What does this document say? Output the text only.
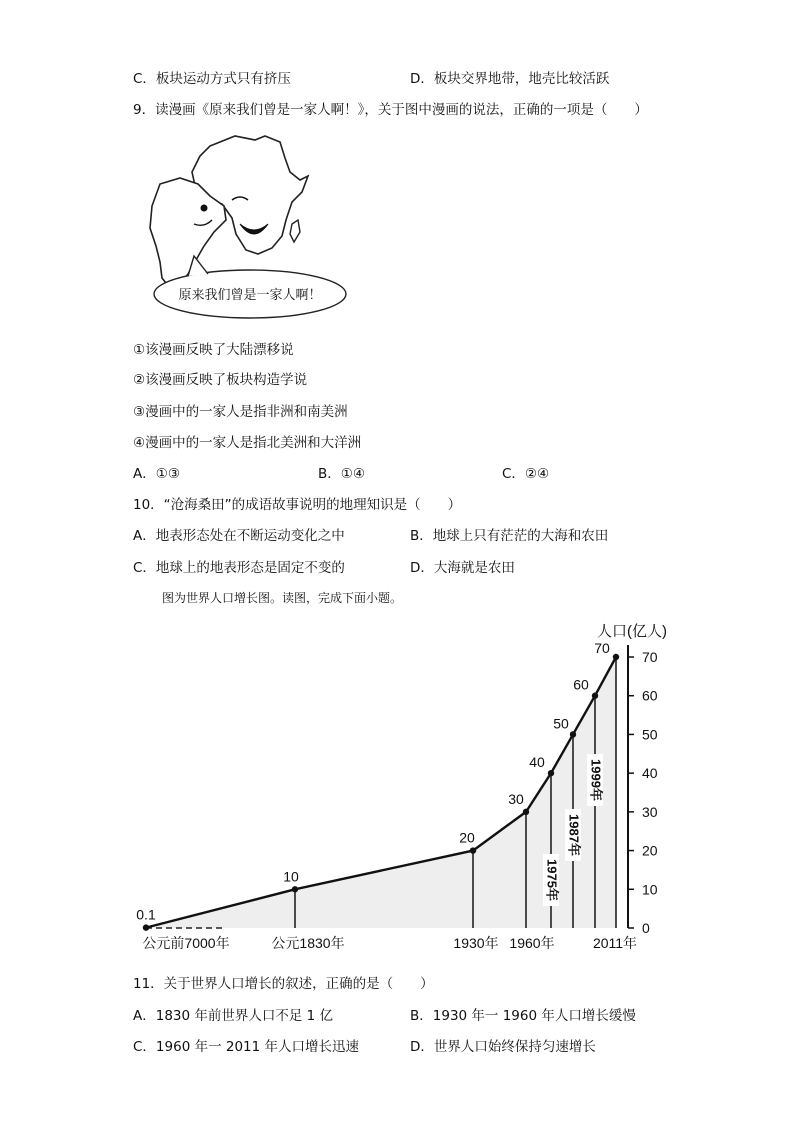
C．板块运动方式只有挤压	D．板块交界地带，地壳比较活跃
9．读漫画《原来我们曾是一家人啊！》，关于图中漫画的说法，正确的一项是（　　）
原来我们曾是一家人啊！
①该漫画反映了大陆漂移说
②该漫画反映了板块构造学说
③漫画中的一家人是指非洲和南美洲
④漫画中的一家人是指北美洲和大洋洲
A．①③	B．①④	C．②④
10．“沧海桑田”的成语故事说明的地理知识是（　　）
A．地表形态处在不断运动变化之中	B．地球上只有茫茫的大海和农田
C．地球上的地表形态是固定不变的	D．大海就是农田
图为世界人口增长图。读图，完成下面小题。
0
10
20
30
40
50
60
70
人口(亿人)
公元前7000年	公元1830年	1930年 1960年	2011年
0.1
10
20
30
40
50
60
70
1975年
1987年
1999年
11．关于世界人口增长的叙述，正确的是（　　）
A．1830 年前世界人口不足 1 亿	B．1930 年一 1960 年人口增长缓慢
C．1960 年一 2011 年人口增长迅速	D．世界人口始终保持匀速增长
